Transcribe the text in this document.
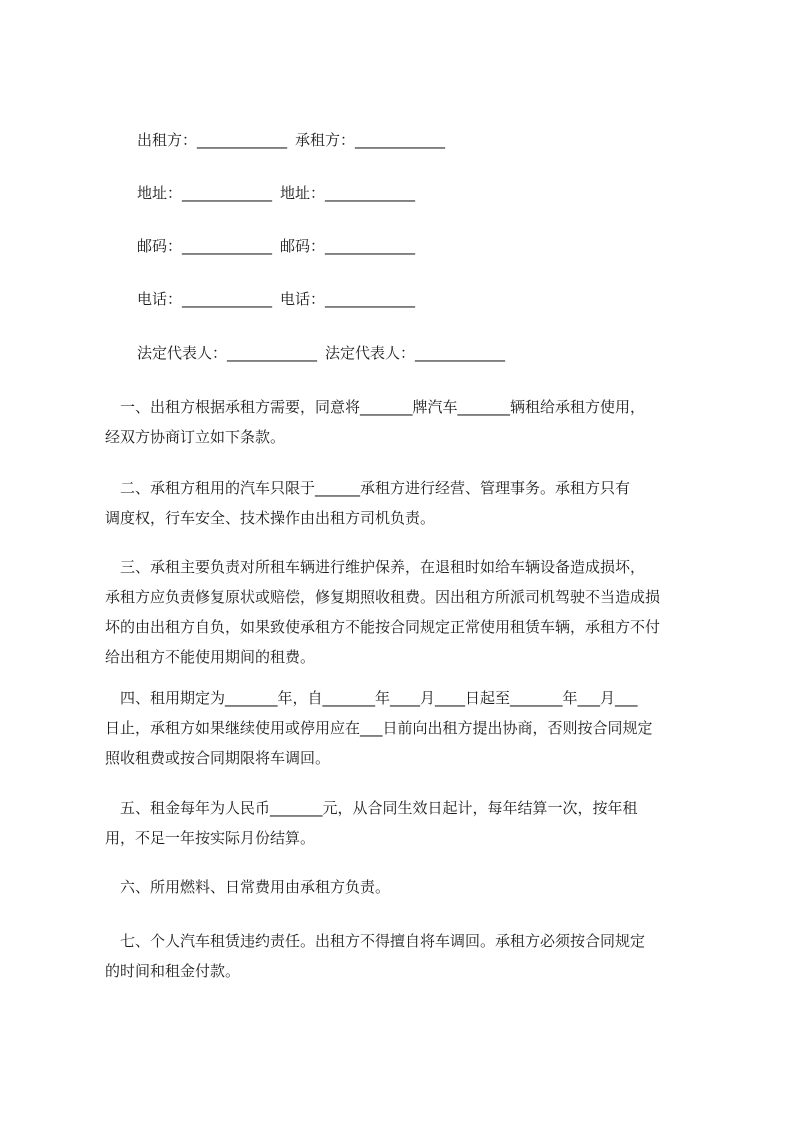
出租方：____________ 承租方：____________
地址：____________ 地址：____________
邮码：____________ 邮码：____________
电话：____________ 电话：____________
法定代表人：____________ 法定代表人：____________
　一、出租方根据承租方需要，同意将_______牌汽车_______辆租给承租方使用，
经双方协商订立如下条款。
　二、承租方租用的汽车只限于______承租方进行经营、管理事务。承租方只有
调度权，行车安全、技术操作由出租方司机负责。
　三、承租主要负责对所租车辆进行维护保养，在退租时如给车辆设备造成损坏，
承租方应负责修复原状或赔偿，修复期照收租费。因出租方所派司机驾驶不当造成损
坏的由出租方自负，如果致使承租方不能按合同规定正常使用租赁车辆，承租方不付
给出租方不能使用期间的租费。
　四、租用期定为_______年，自_______年____月____日起至_______年___月___
日止，承租方如果继续使用或停用应在___日前向出租方提出协商，否则按合同规定
照收租费或按合同期限将车调回。
　五、租金每年为人民币_______元，从合同生效日起计，每年结算一次，按年租
用，不足一年按实际月份结算。
　六、所用燃料、日常费用由承租方负责。
　七、个人汽车租赁违约责任。出租方不得擅自将车调回。承租方必须按合同规定
的时间和租金付款。
